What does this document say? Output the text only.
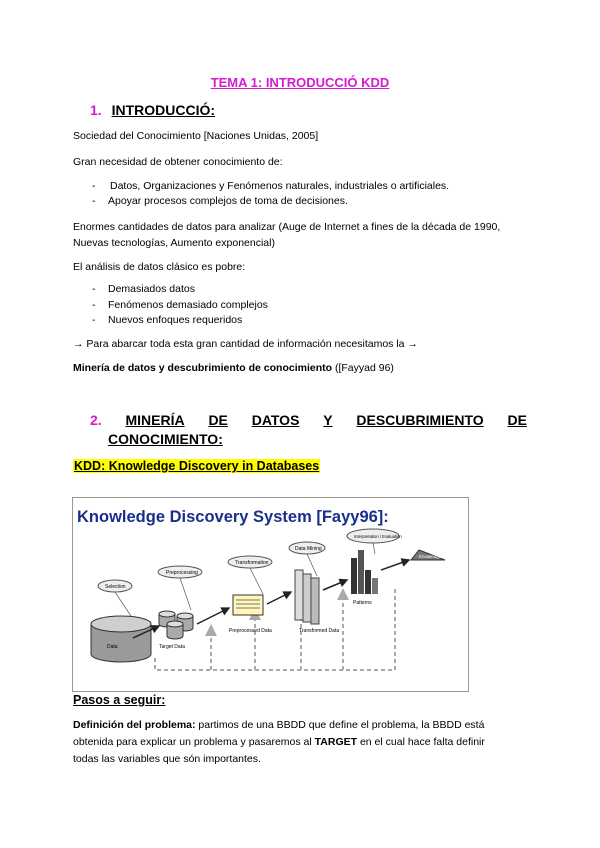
TEMA 1: INTRODUCCIÓ KDD
1. INTRODUCCIÓ:
Sociedad del Conocimiento [Naciones Unidas, 2005]
Gran necesidad de obtener conocimiento de:
- Datos, Organizaciones y Fenómenos naturales, industriales o artificiales.
- Apoyar procesos complejos de toma de decisiones.
Enormes cantidades de datos para analizar (Auge de Internet a fines de la década de 1990,
Nuevas tecnologías, Aumento exponencial)
El análisis de datos clásico es pobre:
- Demasiados datos
- Fenómenos demasiado complejos
- Nuevos enfoques requeridos
→ Para abarcar toda esta gran cantidad de información necesitamos la →
Minería de datos y descubrimiento de conocimiento ([Fayyad 96)
2. MINERÍA DE DATOS Y DESCUBRIMIENTO DE
CONOCIMIENTO:
KDD: Knowledge Discovery in Databases
Knowledge Discovery System [Fayy96]:
Data	Target Data
Preprocessed Data	Transformed Data
Patterns
Knowledge
Selection
Preprocessing
Transformation
Data Mining
Interpretation / Evaluation
Pasos a seguir:
Definición del problema: partimos de una BBDD que define el problema, la BBDD está
obtenida para explicar un problema y pasaremos al TARGET en el cual hace falta definir
todas las variables que són importantes.
